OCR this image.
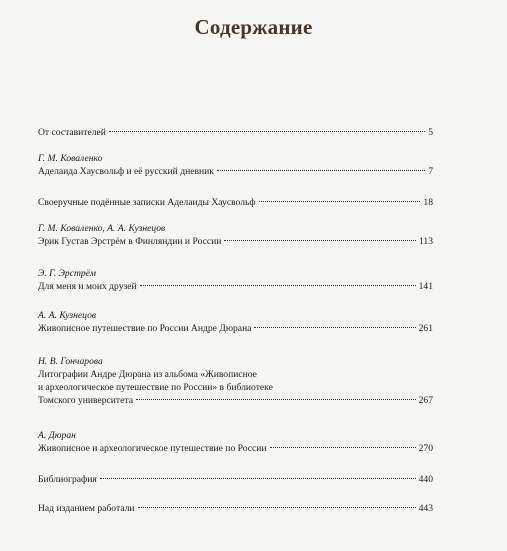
Содержание
От составителей	5
Г. М. Коваленко
Аделаида Хаусвольф и её русский дневник	7
Своеручные подённые записки Аделаиды Хаусвольф	18
Г. М. Коваленко, А. А. Кузнецов
Эрик Густав Эрстрём в Финляндии и России	113
Э. Г. Эрстрём
Для меня и моих друзей	141
А. А. Кузнецов
Живописное путешествие по России Андре Дюрана	261
Н. В. Гончарова
Литографии Андре Дюрана из альбома «Живописное
и археологическое путешествие по России» в библиотеке
Томского университета	267
А. Дюран
Живописное и археологическое путешествие по России	270
Библиография	440
Над изданием работали	443
